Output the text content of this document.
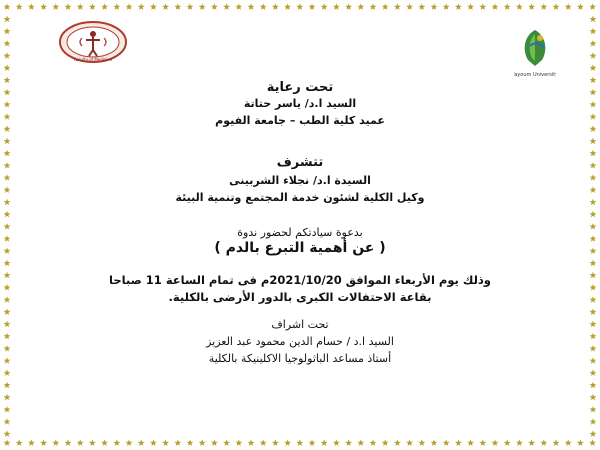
Faculty of Medicine
Fayoum University
تحت رعاية
السيد ا.د/ ياسر حتاتة
عميد كلية الطب – جامعة الفيوم
تتشرف
السيدة ا.د/ نجلاء الشربينى
وكيل الكلية لشئون خدمة المجتمع وتنمية البيئة
بدعوة سيادتكم لحضور ندوة
( عن أهمية التبرع بالدم )
وذلك يوم الأربعاء الموافق 2021/10/20م فى تمام الساعة 11 صباحا
بقاعة الاحتفالات الكبرى بالدور الأرضى بالكلية.
تحت اشراف
السيد ا.د / حسام الدين محمود عبد العزيز
أستاذ مساعد الباثولوجيا الاكلينيكة بالكلية
